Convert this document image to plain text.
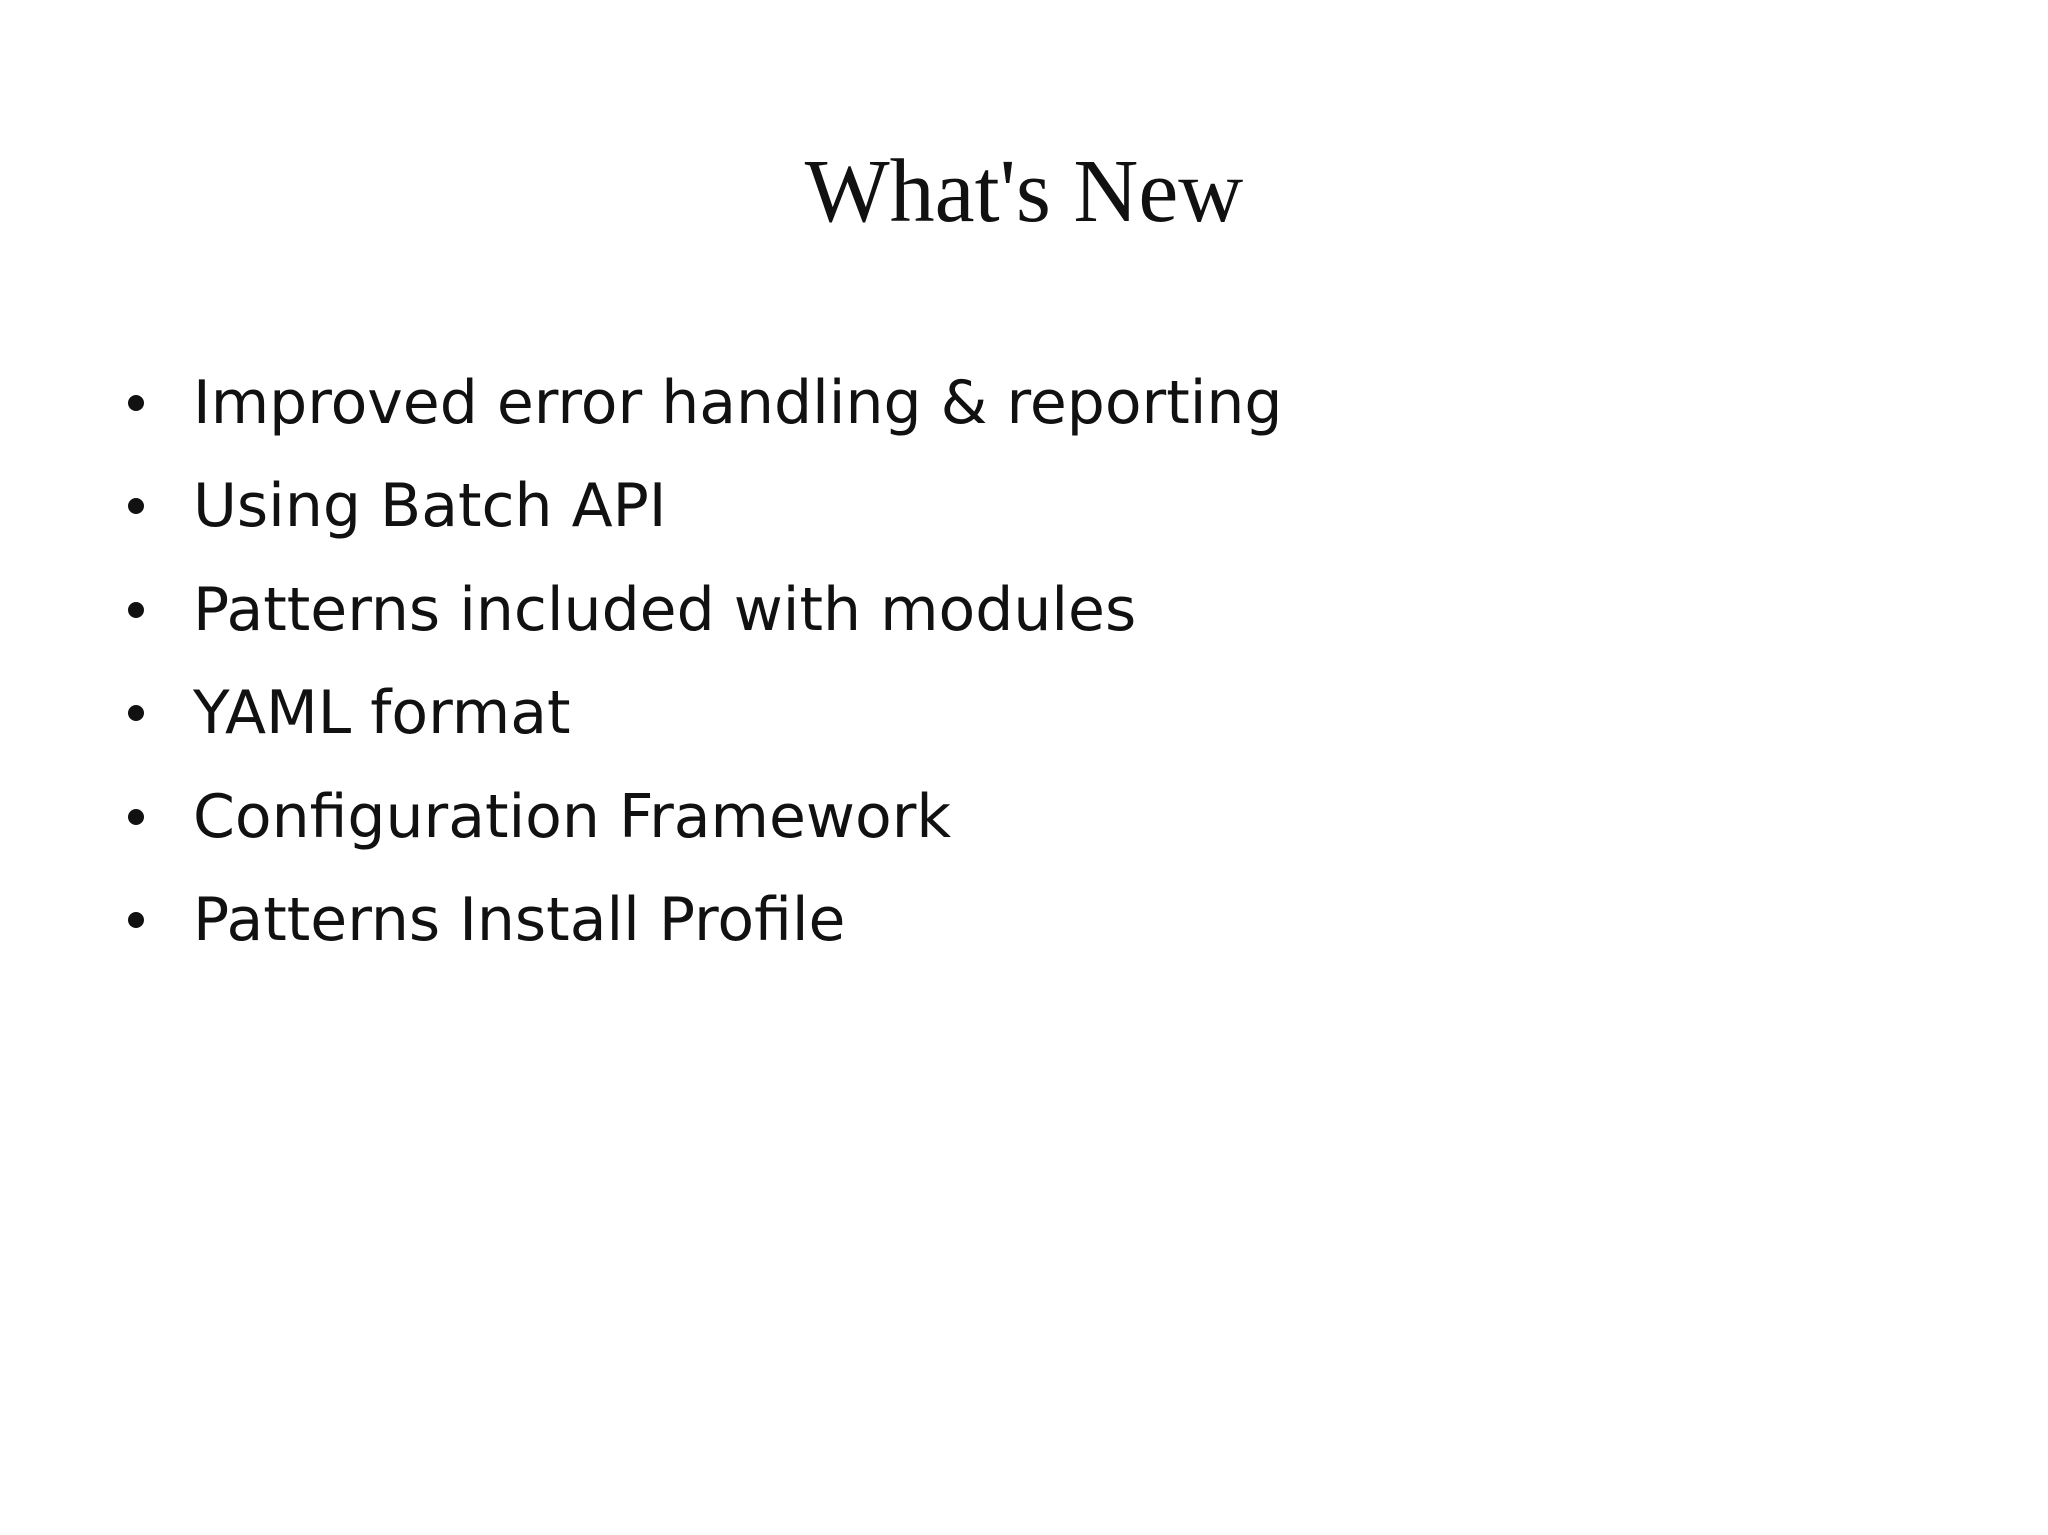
What's New
Improved error handling & reporting
Using Batch API
Patterns included with modules
YAML format
Configuration Framework
Patterns Install Profile
